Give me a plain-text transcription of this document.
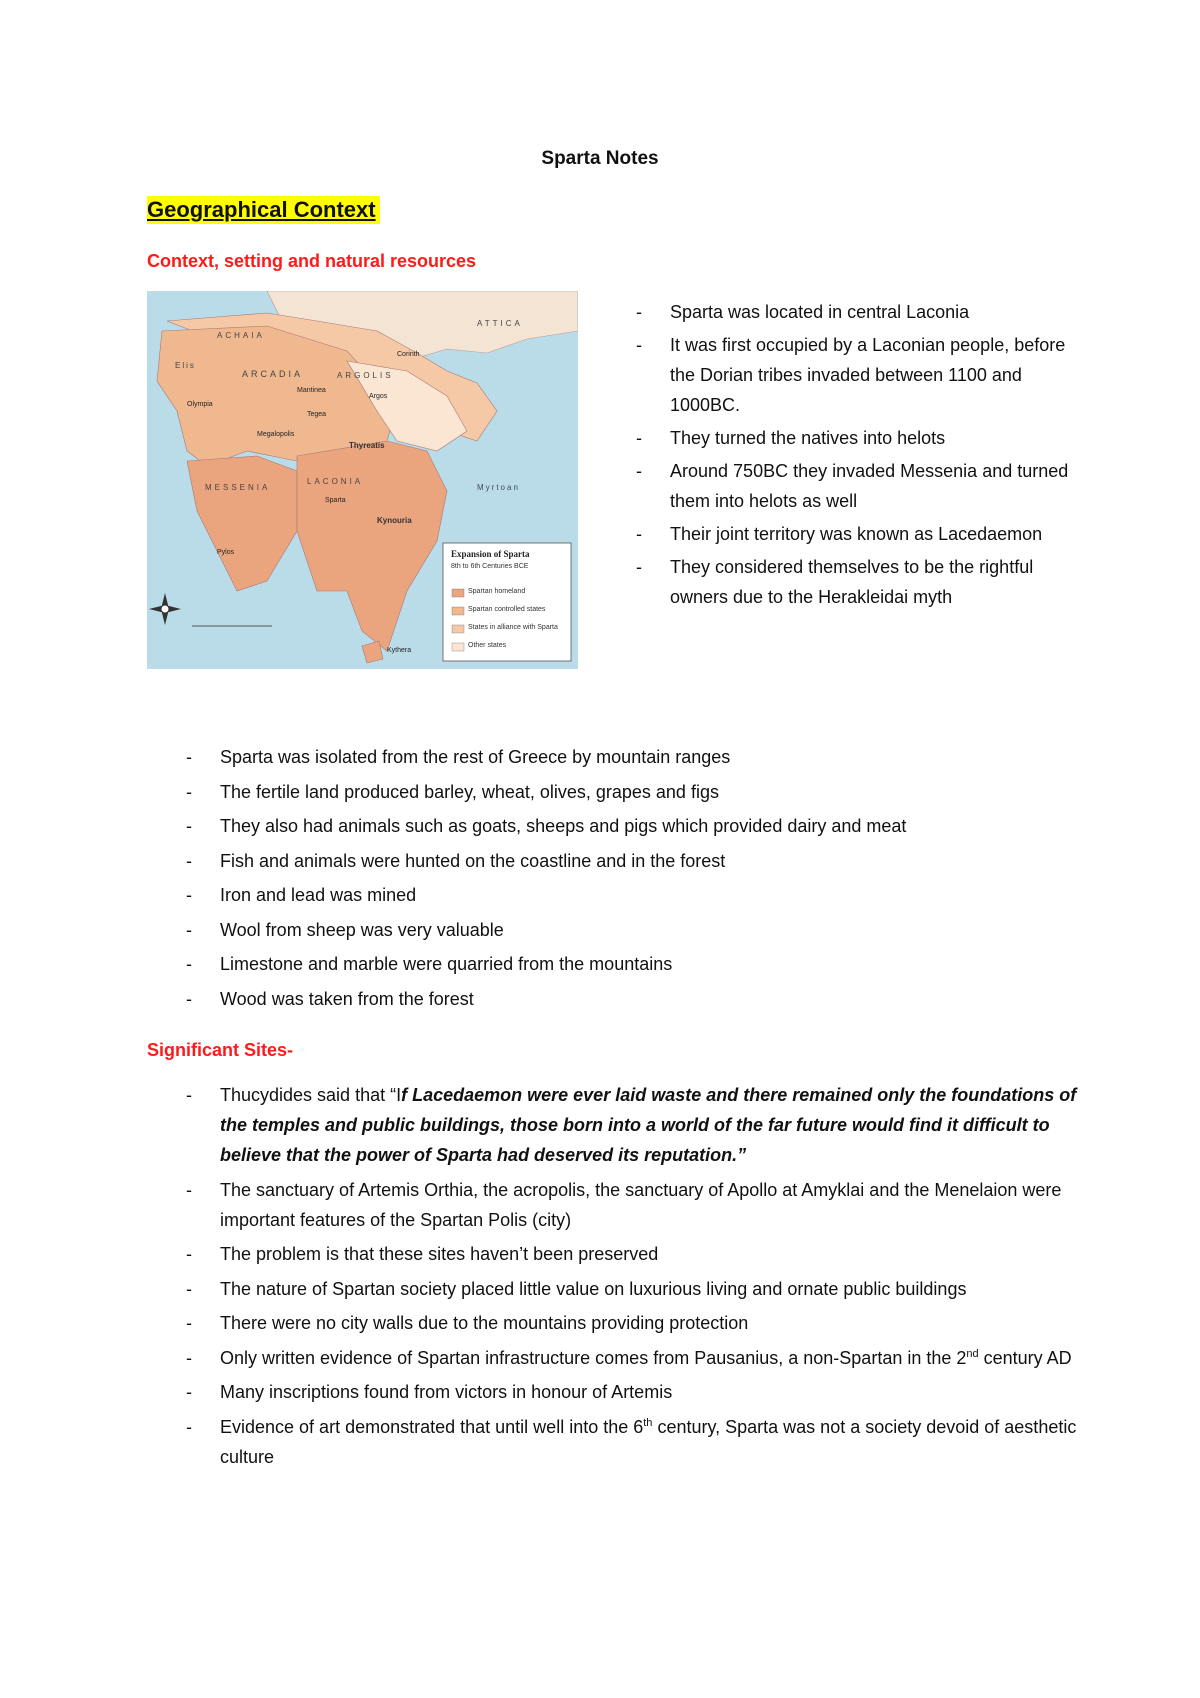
Sparta Notes
Geographical Context
Context, setting and natural resources
ACHAIA
ARCADIA	ARGOLIS
MESSENIA
LACONIA
ATTICA
Thyreatis
Kynouria
Myrtoan
Elis
Sparta
Argos
Corinth
Mantinea
Tegea
Pylos
Megalopolis
Olympia
Kythera
Expansion of Sparta
8th to 6th Centuries BCE
Spartan homeland
Spartan controlled states
States in alliance with Sparta
Other states
- Sparta was located in central Laconia
- It was first occupied by a Laconian people, before the Dorian tribes invaded between 1100 and 1000BC.
- They turned the natives into helots
- Around 750BC they invaded Messenia and turned them into helots as well
- Their joint territory was known as Lacedaemon
- They considered themselves to be the rightful owners due to the Herakleidai myth
- Sparta was isolated from the rest of Greece by mountain ranges
- The fertile land produced barley, wheat, olives, grapes and figs
- They also had animals such as goats, sheeps and pigs which provided dairy and meat
- Fish and animals were hunted on the coastline and in the forest
- Iron and lead was mined
- Wool from sheep was very valuable
- Limestone and marble were quarried from the mountains
- Wood was taken from the forest
Significant Sites-
- Thucydides said that “If Lacedaemon were ever laid waste and there remained only the foundations of the temples and public buildings, those born into a world of the far future would find it difficult to believe that the power of Sparta had deserved its reputation.”
- The sanctuary of Artemis Orthia, the acropolis, the sanctuary of Apollo at Amyklai and the Menelaion were important features of the Spartan Polis (city)
- The problem is that these sites haven’t been preserved
- The nature of Spartan society placed little value on luxurious living and ornate public buildings
- There were no city walls due to the mountains providing protection
- Only written evidence of Spartan infrastructure comes from Pausanius, a non-Spartan in the 2nd century AD
- Many inscriptions found from victors in honour of Artemis
- Evidence of art demonstrated that until well into the 6th century, Sparta was not a society devoid of aesthetic culture
